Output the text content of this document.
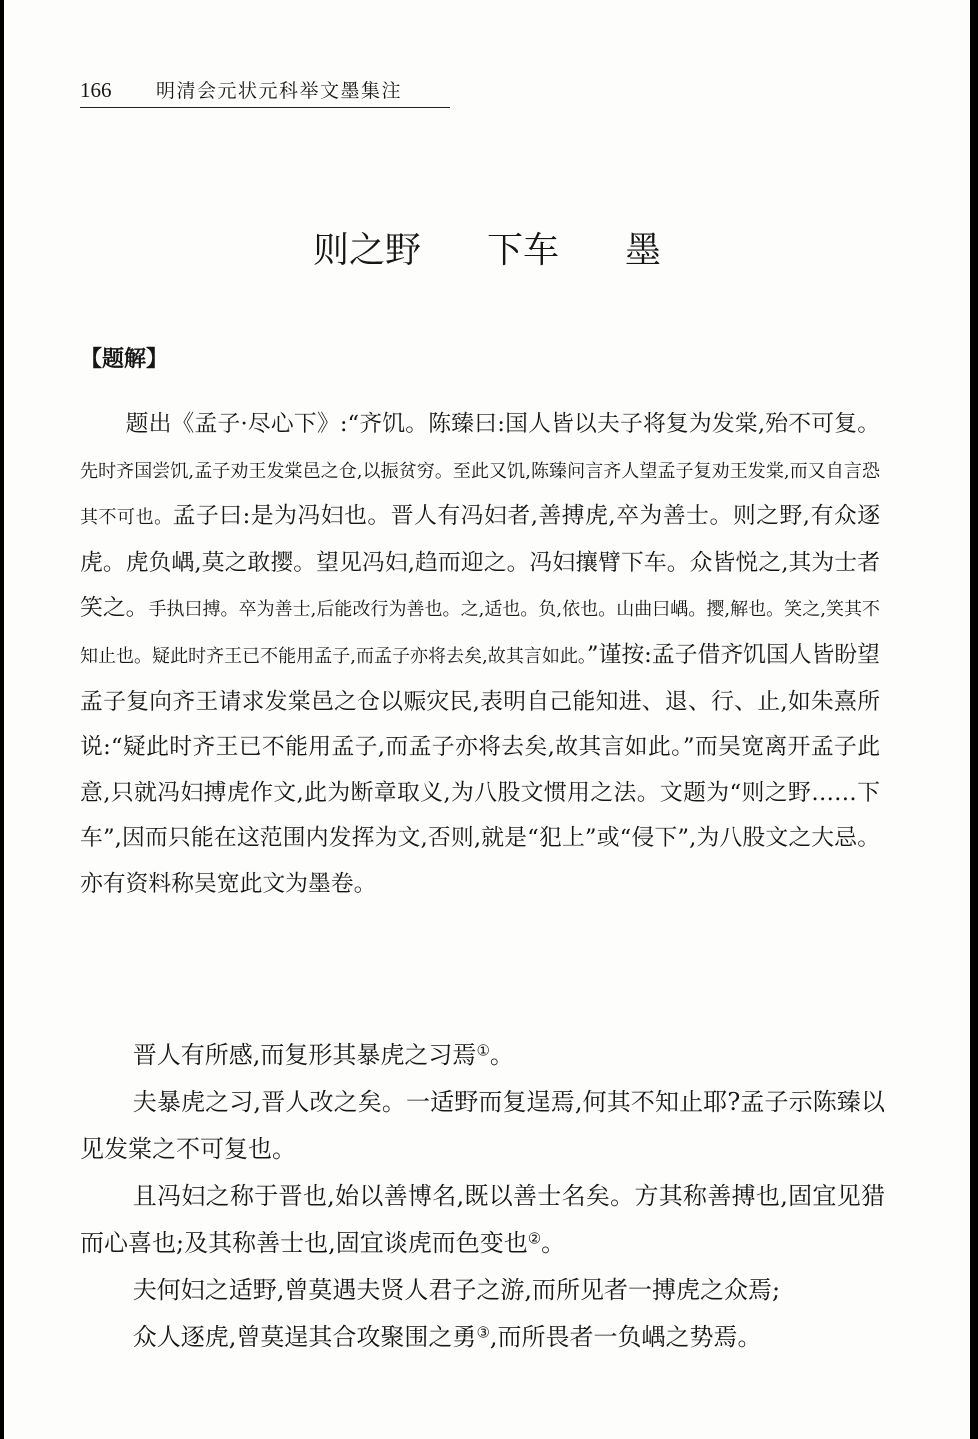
166 明清会元状元科举文墨集注
则之野 下车 墨
【题解】

题出《孟子·尽心下》:“齐饥。陈臻曰:国人皆以夫子将复为发棠,殆不可复。先时齐国尝饥,孟子劝王发棠邑之仓,以振贫穷。至此又饥,陈臻问言齐人望孟子复劝王发棠,而又自言恐其不可也。孟子曰:是为冯妇也。晋人有冯妇者,善搏虎,卒为善士。则之野,有众逐虎。虎负嵎,莫之敢撄。望见冯妇,趋而迎之。冯妇攘臂下车。众皆悦之,其为士者笑之。手执曰搏。卒为善士,后能改行为善也。之,适也。负,依也。山曲曰嵎。撄,解也。笑之,笑其不知止也。疑此时齐王已不能用孟子,而孟子亦将去矣,故其言如此。”谨按:孟子借齐饥国人皆盼望孟子复向齐王请求发棠邑之仓以赈灾民,表明自己能知进、退、行、止,如朱熹所说:“疑此时齐王已不能用孟子,而孟子亦将去矣,故其言如此。”而吴宽离开孟子此意,只就冯妇搏虎作文,此为断章取义,为八股文惯用之法。文题为“则之野……下车”,因而只能在这范围内发挥为文,否则,就是“犯上”或“侵下”,为八股文之大忌。亦有资料称吴宽此文为墨卷。

晋人有所感,而复形其暴虎之习焉①。

夫暴虎之习,晋人改之矣。一适野而复逞焉,何其不知止耶?孟子示陈臻以见发棠之不可复也。

且冯妇之称于晋也,始以善博名,既以善士名矣。方其称善搏也,固宜见猎而心喜也;及其称善士也,固宜谈虎而色变也②。

夫何妇之适野,曾莫遇夫贤人君子之游,而所见者一搏虎之众焉;

众人逐虎,曾莫逞其合攻聚围之勇③,而所畏者一负嵎之势焉。
